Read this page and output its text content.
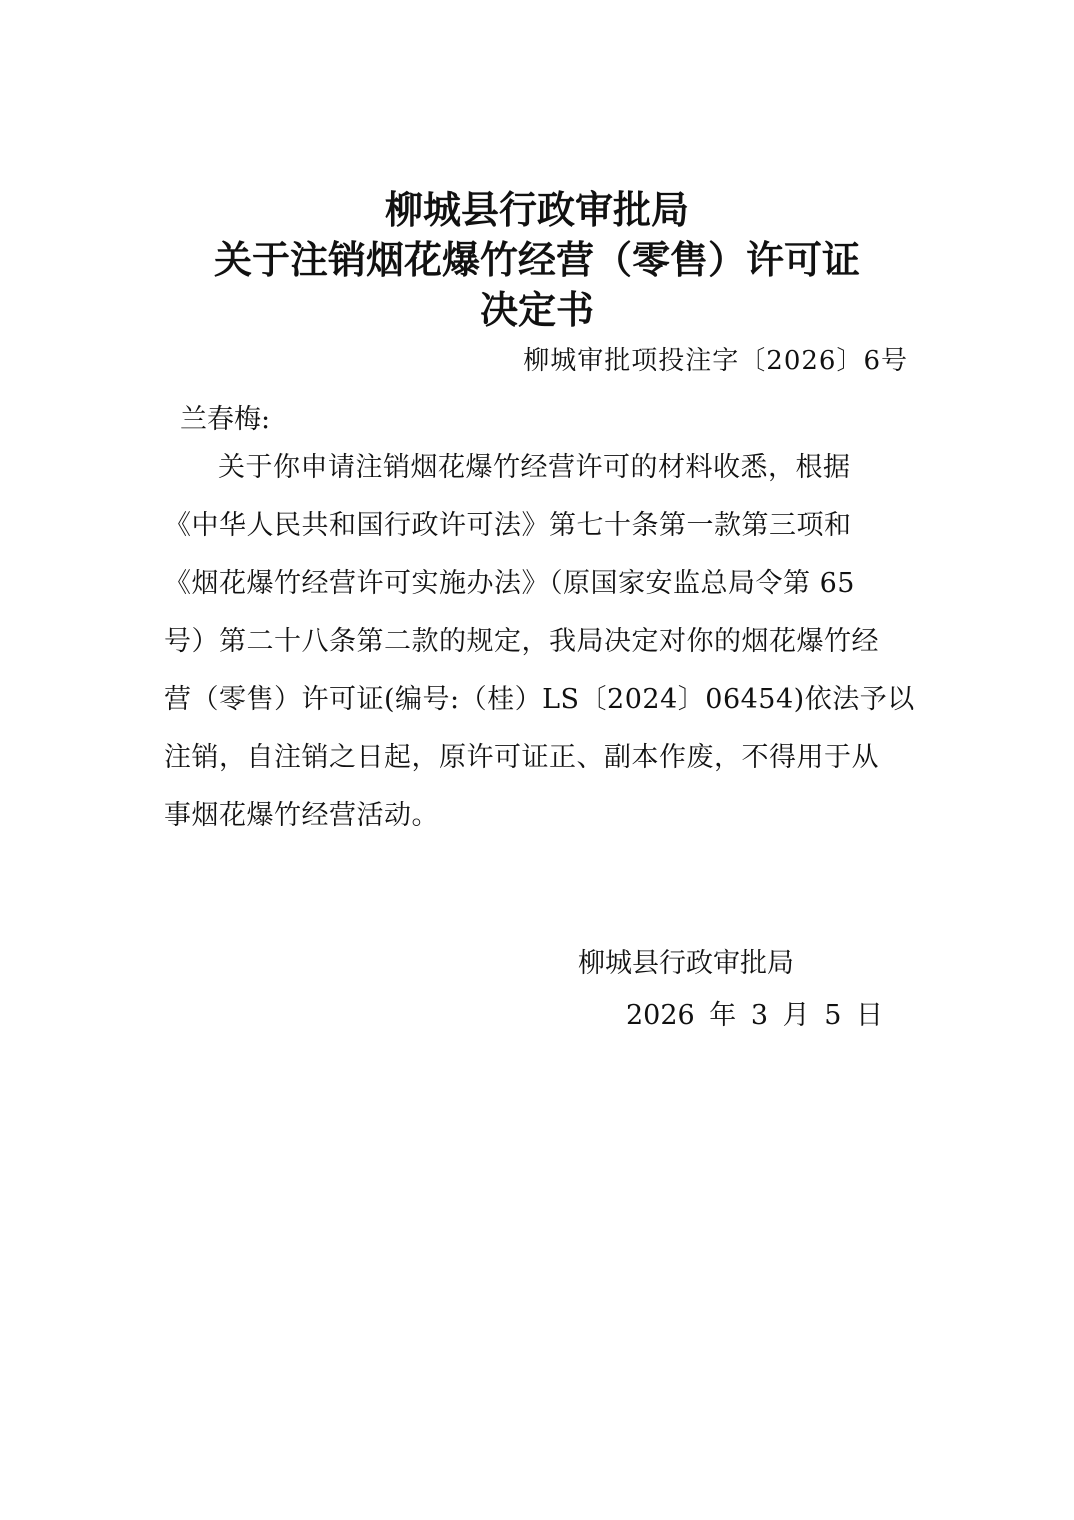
柳城县行政审批局
关于注销烟花爆竹经营（零售）许可证
决定书
柳城审批项投注字〔2026〕6号
兰春梅:
关于你申请注销烟花爆竹经营许可的材料收悉，根据
《中华人民共和国行政许可法》第七十条第一款第三项和
《烟花爆竹经营许可实施办法》（原国家安监总局令第 65
号）第二十八条第二款的规定，我局决定对你的烟花爆竹经
营（零售）许可证(编号:（桂）LS〔2024〕06454)依法予以
注销，自注销之日起，原许可证正、副本作废，不得用于从
事烟花爆竹经营活动。
柳城县行政审批局
2026 年 3 月 5 日
